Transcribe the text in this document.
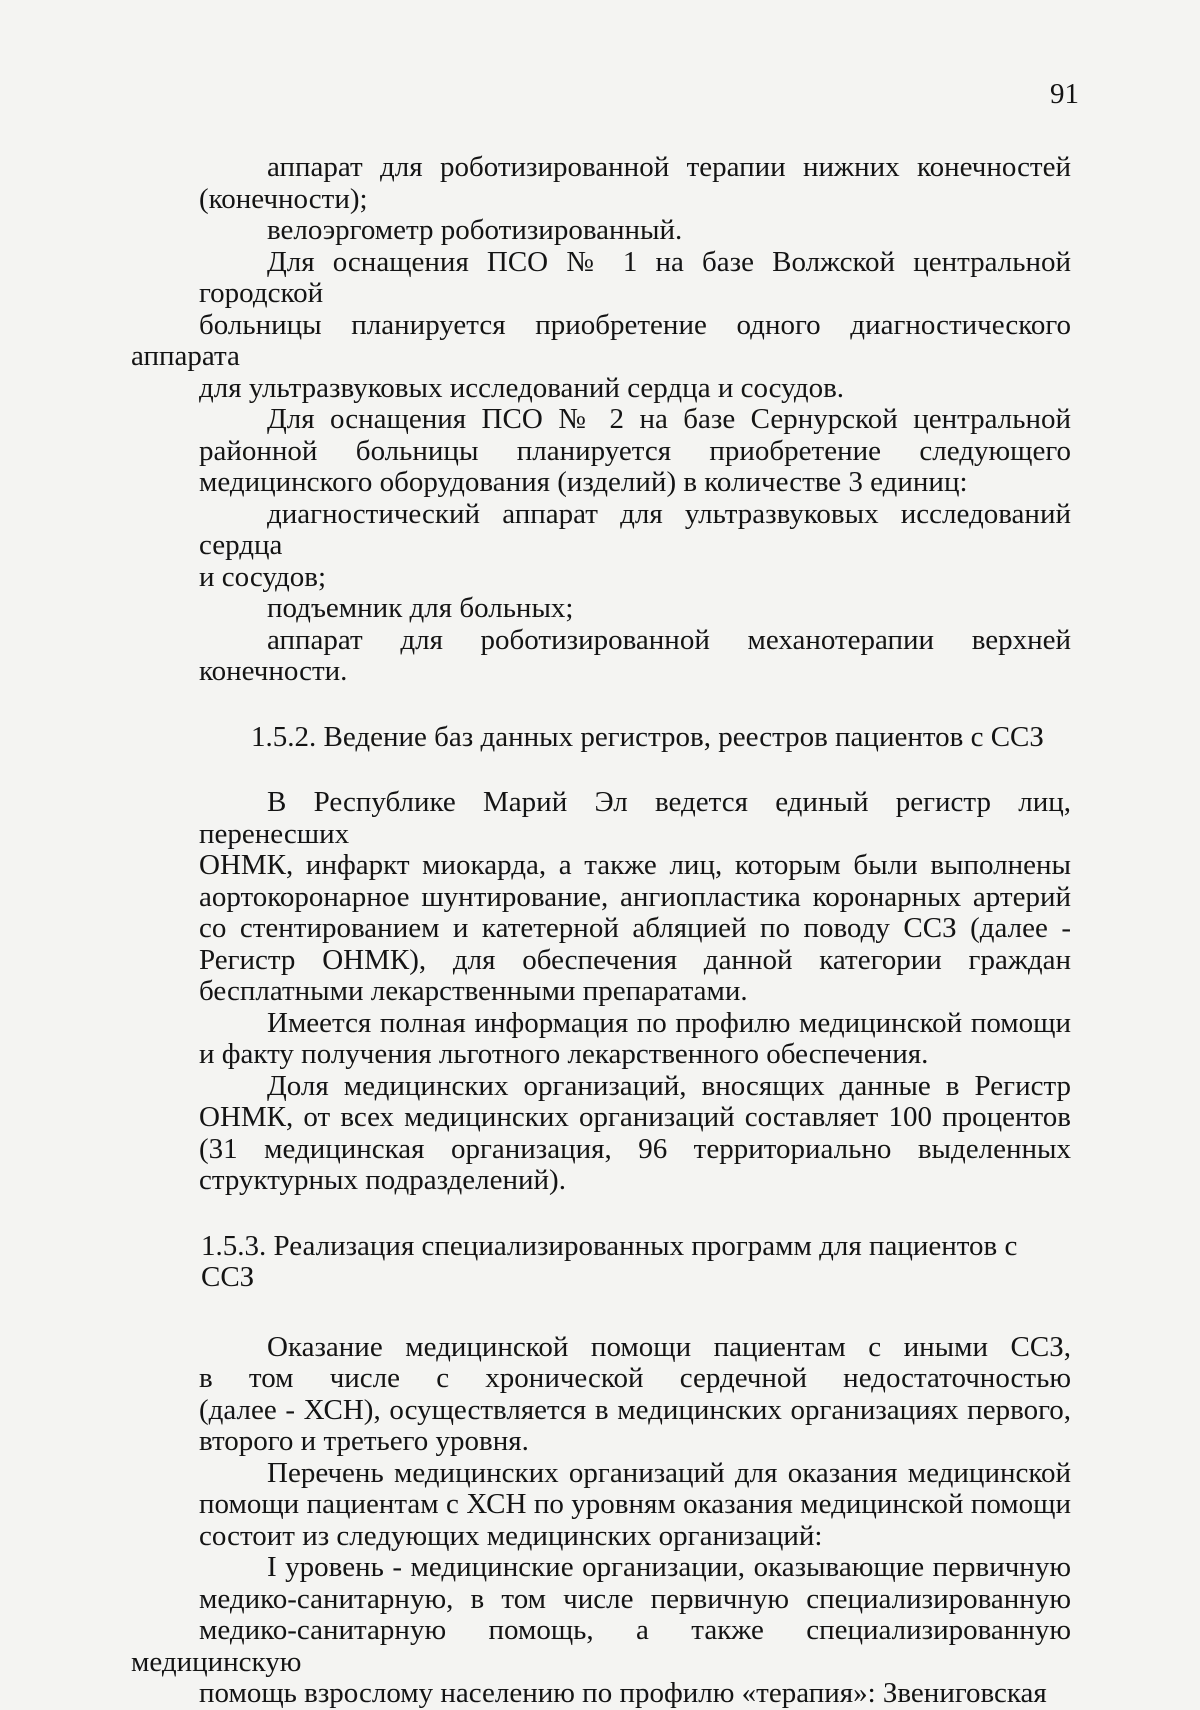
91

аппарат для роботизированной терапии нижних конечностей
(конечности);

велоэргометр роботизированный.

Для оснащения ПСО № 1 на базе Волжской центральной городской
больницы планируется приобретение одного диагностического аппарата
для ультразвуковых исследований сердца и сосудов.

Для оснащения ПСО № 2 на базе Сернурской центральной
районной больницы планируется приобретение следующего
медицинского оборудования (изделий) в количестве 3 единиц:

диагностический аппарат для ультразвуковых исследований сердца
и сосудов;

подъемник для больных;

аппарат для роботизированной механотерапии верхней
конечности.

1.5.2. Ведение баз данных регистров, реестров пациентов с ССЗ

В Республике Марий Эл ведется единый регистр лиц, перенесших
ОНМК, инфаркт миокарда, а также лиц, которым были выполнены
аортокоронарное шунтирование, ангиопластика коронарных артерий
со стентированием и катетерной абляцией по поводу ССЗ (далее -
Регистр ОНМК), для обеспечения данной категории граждан
бесплатными лекарственными препаратами.

Имеется полная информация по профилю медицинской помощи
и факту получения льготного лекарственного обеспечения.

Доля медицинских организаций, вносящих данные в Регистр
ОНМК, от всех медицинских организаций составляет 100 процентов
(31 медицинская организация, 96 территориально выделенных
структурных подразделений).

1.5.3. Реализация специализированных программ для пациентов с ССЗ

Оказание медицинской помощи пациентам с иными ССЗ,
в том числе с хронической сердечной недостаточностью
(далее - ХСН), осуществляется в медицинских организациях первого,
второго и третьего уровня.

Перечень медицинских организаций для оказания медицинской
помощи пациентам с ХСН по уровням оказания медицинской помощи
состоит из следующих медицинских организаций:

I уровень - медицинские организации, оказывающие первичную
медико-санитарную, в том числе первичную специализированную
медико-санитарную помощь, а также специализированную медицинскую
помощь взрослому населению по профилю «терапия»: Звениговская
